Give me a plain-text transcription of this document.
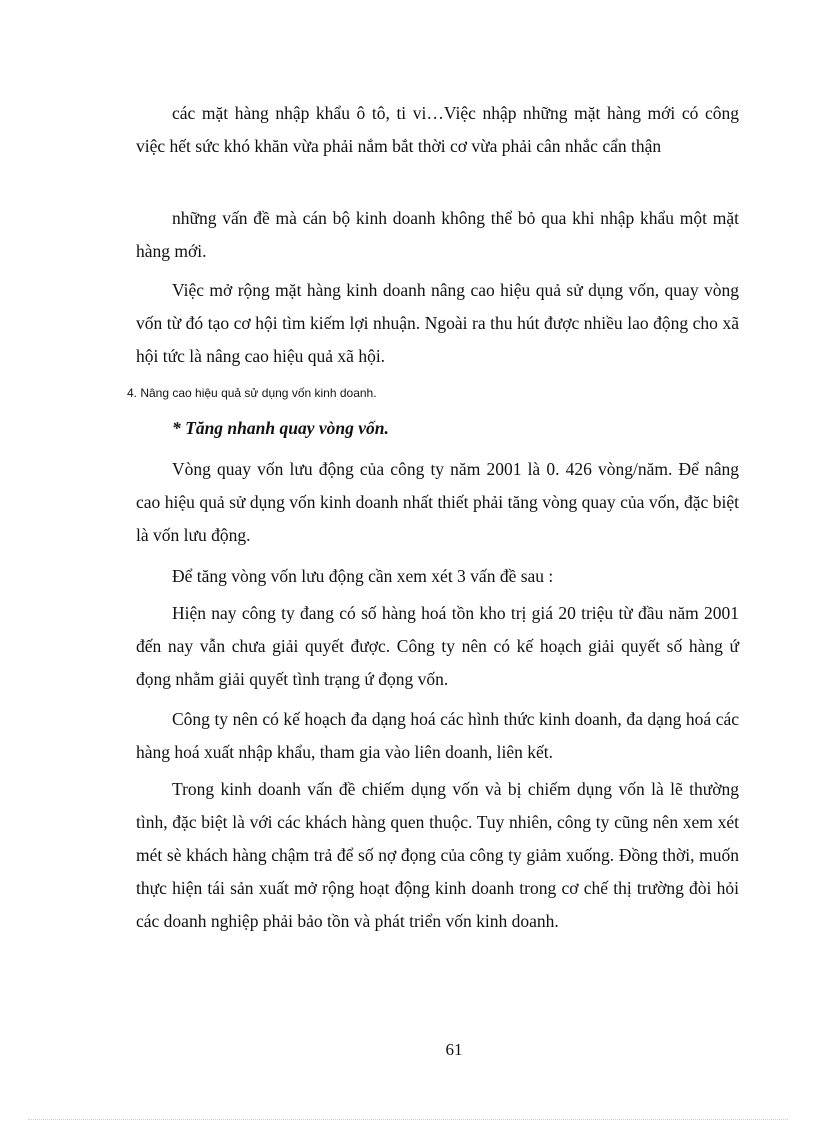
các mặt hàng nhập khẩu ô tô, ti vi…Việc nhập những mặt hàng mới có công việc hết sức khó khăn vừa phải nắm bắt thời cơ vừa phải cân nhắc cẩn thận

những vấn đề mà cán bộ kinh doanh không thể bỏ qua khi nhập khẩu một mặt hàng mới.

Việc mở rộng mặt hàng kinh doanh nâng cao hiệu quả sử dụng vốn, quay vòng vốn từ đó tạo cơ hội tìm kiếm lợi nhuận. Ngoài ra thu hút được nhiều lao động cho xã hội tức là nâng cao hiệu quả xã hội.

4. Nâng cao hiệu quả sử dụng vốn kinh doanh.

* Tăng nhanh quay vòng vốn.

Vòng quay vốn lưu động của công ty năm 2001 là 0. 426 vòng/năm. Để nâng cao hiệu quả sử dụng vốn kinh doanh nhất thiết phải tăng vòng quay của vốn, đặc biệt là vốn lưu động.

Để tăng vòng vốn lưu động cần xem xét 3 vấn đề sau :

Hiện nay công ty đang có số hàng hoá tồn kho trị giá 20 triệu từ đầu năm 2001 đến nay vẫn chưa giải quyết được. Công ty nên có kế hoạch giải quyết số hàng ứ đọng nhằm giải quyết tình trạng ứ đọng vốn.

Công ty nên có kế hoạch đa dạng hoá các hình thức kinh doanh, đa dạng hoá các hàng hoá xuất nhập khẩu, tham gia vào liên doanh, liên kết.

Trong kinh doanh vấn đề chiếm dụng vốn và bị chiếm dụng vốn là lẽ thường tình, đặc biệt là với các khách hàng quen thuộc. Tuy nhiên, công ty cũng nên xem xét mét sè khách hàng chậm trả để số nợ đọng của công ty giảm xuống. Đồng thời, muốn thực hiện tái sản xuất mở rộng hoạt động kinh doanh trong cơ chế thị trường đòi hỏi các doanh nghiệp phải bảo tồn và phát triển vốn kinh doanh.

61
